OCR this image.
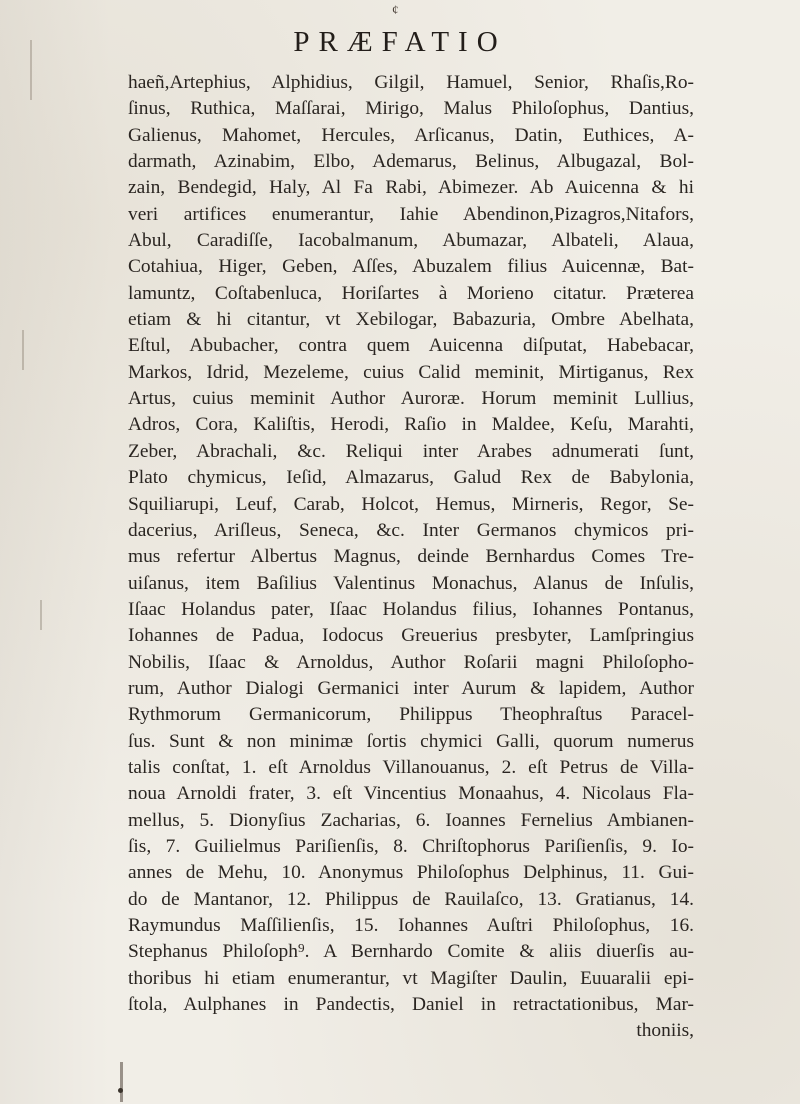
¢
PRÆFATIO
haeñ,Artephius, Alphidius, Gilgil, Hamuel, Senior, Rhaſis,Ro-
ſinus, Ruthica, Maſſarai, Mirigo, Malus Philoſophus, Dantius,
Galienus, Mahomet, Hercules, Arſicanus, Datin, Euthices, A-
darmath, Azinabim, Elbo, Ademarus, Belinus, Albugazal, Bol-
zain, Bendegid, Haly, Al Fa Rabi, Abimezer. Ab Auicenna & hi
veri artifices enumerantur, Iahie Abendinon,Pizagros,Nitafors,
Abul, Caradiſſe, Iacobalmanum, Abumazar, Albateli, Alaua,
Cotahiua, Higer, Geben, Aſſes, Abuzalem filius Auicennæ, Bat-
lamuntz, Coſtabenluca, Horiſartes à Morieno citatur. Præterea
etiam & hi citantur, vt Xebilogar, Babazuria, Ombre Abelhata,
Eſtul, Abubacher, contra quem Auicenna diſputat, Habebacar,
Markos, Idrid, Mezeleme, cuius Calid meminit, Mirtiganus, Rex
Artus, cuius meminit Author Auroræ. Horum meminit Lullius,
Adros, Cora, Kaliſtis, Herodi, Raſio in Maldee, Keſu, Marahti,
Zeber, Abrachali, &c. Reliqui inter Arabes adnumerati ſunt,
Plato chymicus, Ieſid, Almazarus, Galud Rex de Babylonia,
Squiliarupi, Leuf, Carab, Holcot, Hemus, Mirneris, Regor, Se-
dacerius, Ariſleus, Seneca, &c. Inter Germanos chymicos pri-
mus refertur Albertus Magnus, deinde Bernhardus Comes Tre-
uiſanus, item Baſilius Valentinus Monachus, Alanus de Inſulis,
Iſaac Holandus pater, Iſaac Holandus filius, Iohannes Pontanus,
Iohannes de Padua, Iodocus Greuerius presbyter, Lamſpringius
Nobilis, Iſaac & Arnoldus, Author Roſarii magni Philoſopho-
rum, Author Dialogi Germanici inter Aurum & lapidem, Author
Rythmorum Germanicorum, Philippus Theophraſtus Paracel-
ſus. Sunt & non minimæ ſortis chymici Galli, quorum numerus
talis conſtat, 1. eſt Arnoldus Villanouanus, 2. eſt Petrus de Villa-
noua Arnoldi frater, 3. eſt Vincentius Monaahus, 4. Nicolaus Fla-
mellus, 5. Dionyſius Zacharias, 6. Ioannes Fernelius Ambianen-
ſis, 7. Guilielmus Pariſienſis, 8. Chriſtophorus Pariſienſis, 9. Io-
annes de Mehu, 10. Anonymus Philoſophus Delphinus, 11. Gui-
do de Mantanor, 12. Philippus de Rauilaſco, 13. Gratianus, 14.
Raymundus Maſſilienſis, 15. Iohannes Auſtri Philoſophus, 16.
Stephanus Philoſoph⁹. A Bernhardo Comite & aliis diuerſis au-
thoribus hi etiam enumerantur, vt Magiſter Daulin, Euuaralii epi-
ſtola, Aulphanes in Pandectis, Daniel in retractationibus, Mar-
thoniis,
